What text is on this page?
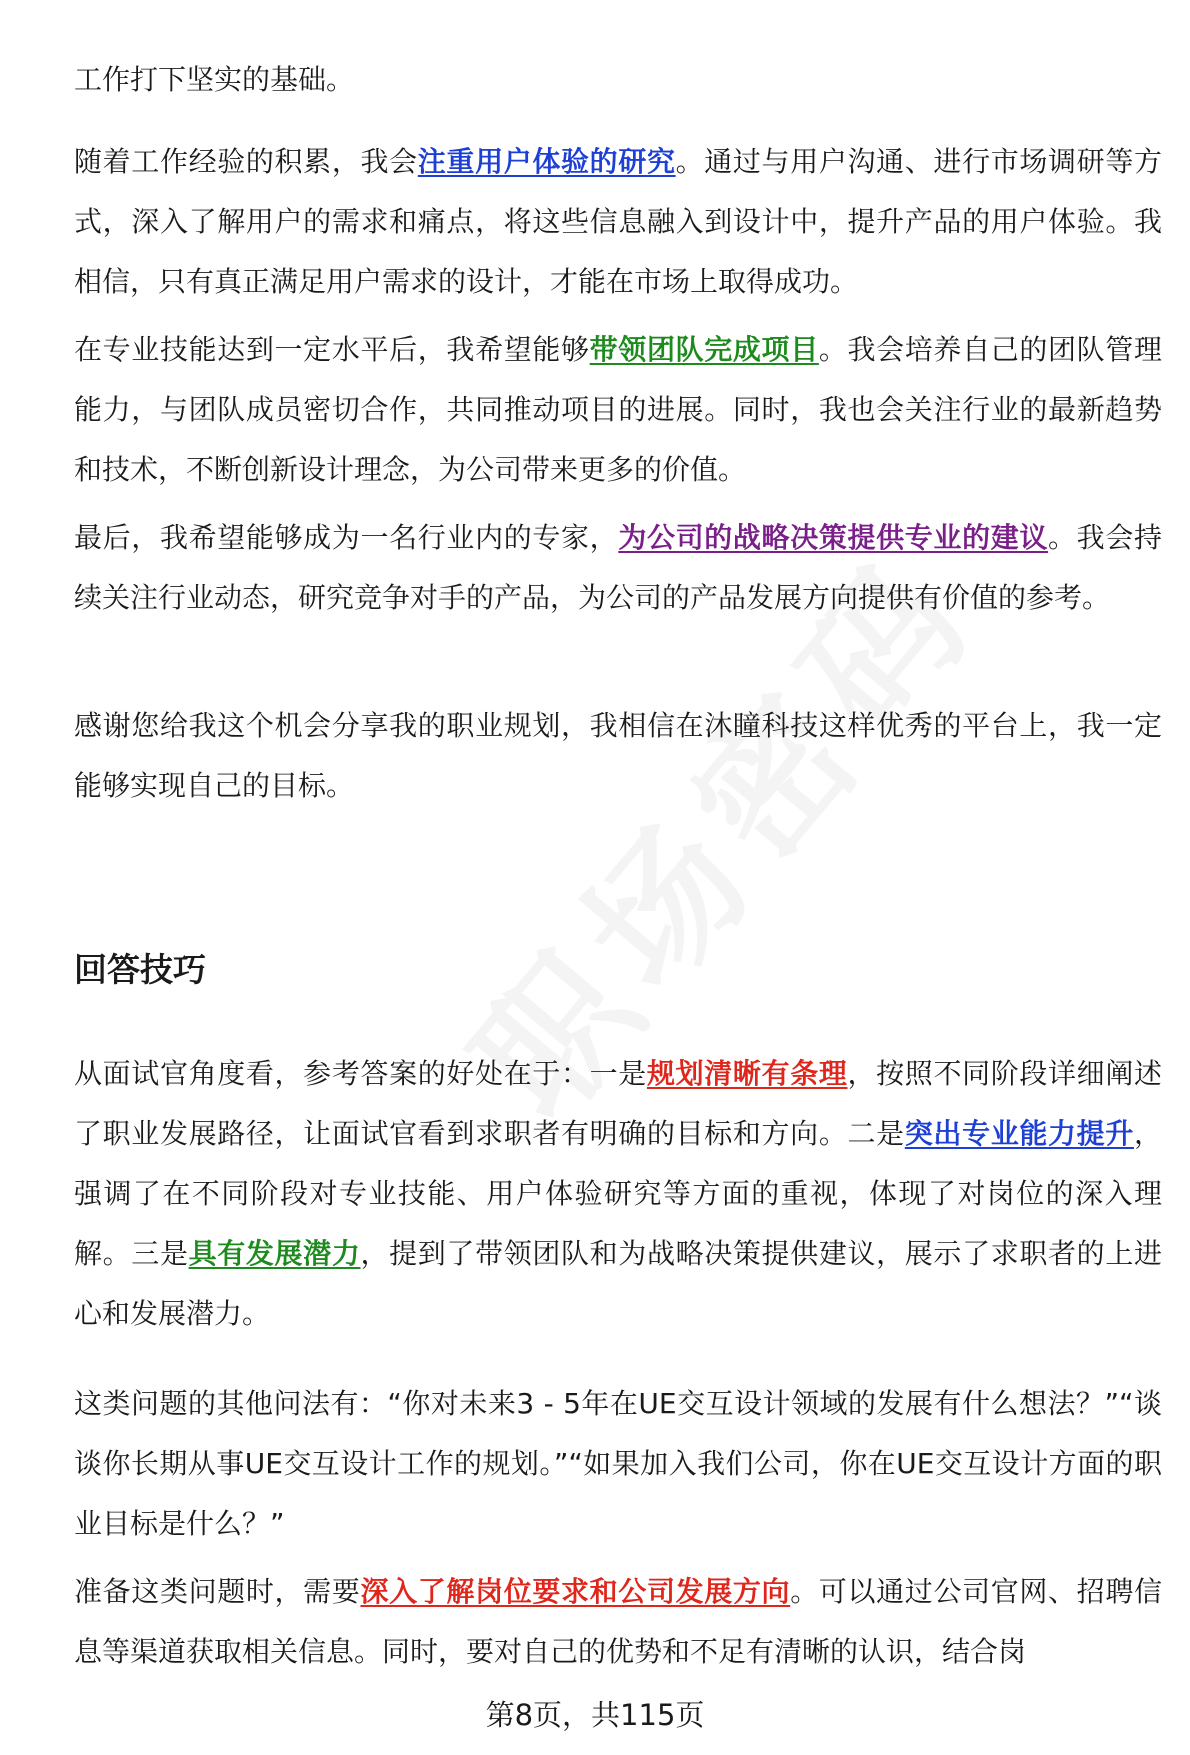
工作打下坚实的基础。

随着工作经验的积累，我会注重用户体验的研究。通过与用户沟通、进行市场调研等方式，深入了解用户的需求和痛点，将这些信息融入到设计中，提升产品的用户体验。我相信，只有真正满足用户需求的设计，才能在市场上取得成功。

在专业技能达到一定水平后，我希望能够带领团队完成项目。我会培养自己的团队管理能力，与团队成员密切合作，共同推动项目的进展。同时，我也会关注行业的最新趋势和技术，不断创新设计理念，为公司带来更多的价值。

最后，我希望能够成为一名行业内的专家，为公司的战略决策提供专业的建议。我会持续关注行业动态，研究竞争对手的产品，为公司的产品发展方向提供有价值的参考。

感谢您给我这个机会分享我的职业规划，我相信在沐瞳科技这样优秀的平台上，我一定能够实现自己的目标。

回答技巧

从面试官角度看，参考答案的好处在于：一是规划清晰有条理，按照不同阶段详细阐述了职业发展路径，让面试官看到求职者有明确的目标和方向。二是突出专业能力提升，强调了在不同阶段对专业技能、用户体验研究等方面的重视，体现了对岗位的深入理解。三是具有发展潜力，提到了带领团队和为战略决策提供建议，展示了求职者的上进心和发展潜力。

这类问题的其他问法有：“你对未来3 - 5年在UE交互设计领域的发展有什么想法？”“谈谈你长期从事UE交互设计工作的规划。”“如果加入我们公司，你在UE交互设计方面的职业目标是什么？”

准备这类问题时，需要深入了解岗位要求和公司发展方向。可以通过公司官网、招聘信息等渠道获取相关信息。同时，要对自己的优势和不足有清晰的认识，结合岗

第8页，共115页
